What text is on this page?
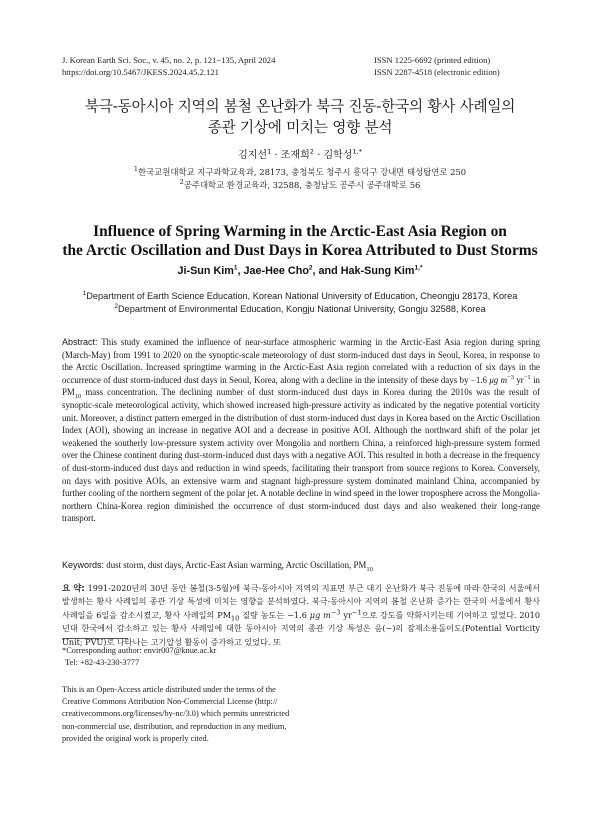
J. Korean Earth Sci. Soc., v. 45, no. 2, p. 121−135, April 2024
https://doi.org/10.5467/JKESS.2024.45.2.121
ISSN 1225-6692 (printed edition)
ISSN 2287-4518 (electronic edition)
북극-동아시아 지역의 봄철 온난화가 북극 진동-한국의 황사 사례일의
종관 기상에 미치는 영향 분석
김지선$^1$ · 조재희$^2$ · 김학성$^{1,*}$
$^1$한국교원대학교 지구과학교육과, 28173, 충청북도 청주시 흥덕구 강내면 태성탑연로 250
$^2$공주대학교 환경교육과, 32588, 충청남도 공주시 공주대학로 56
Influence of Spring Warming in the Arctic-East Asia Region on
the Arctic Oscillation and Dust Days in Korea Attributed to Dust Storms
Ji-Sun Kim$^1$, Jae-Hee Cho$^2$, and Hak-Sung Kim$^{1,*}$
$^1$Department of Earth Science Education, Korean National University of Education, Cheongju 28173, Korea
$^2$Department of Environmental Education, Kongju National University, Gongju 32588, Korea
Abstract: This study examined the influence of near-surface atmospheric warming in the Arctic-East Asia region during spring (March-May) from 1991 to 2020 on the synoptic-scale meteorology of dust storm-induced dust days in Seoul, Korea, in response to the Arctic Oscillation. Increased springtime warming in the Arctic-East Asia region correlated with a reduction of six days in the occurrence of dust storm-induced dust days in Seoul, Korea, along with a decline in the intensity of these days by −1.6 μg $m^{-3}$ $yr^{-1}$ in $PM_{10}$ mass concentration. The declining number of dust storm-induced dust days in Korea during the 2010s was the result of synoptic-scale meteorological activity, which showed increased high-pressure activity as indicated by the negative potential vorticity unit. Moreover, a distinct pattern emerged in the distribution of dust storm-induced dust days in Korea based on the Arctic Oscillation Index (AOI), showing an increase in negative AOI and a decrease in positive AOI. Although the northward shift of the polar jet weakened the southerly low-pressure system activity over Mongolia and northern China, a reinforced high-pressure system formed over the Chinese continent during dust-storm-induced dust days with a negative AOI. This resulted in both a decrease in the frequency of dust-storm-induced dust days and reduction in wind speeds, facilitating their transport from source regions to Korea. Conversely, on days with positive AOIs, an extensive warm and stagnant high-pressure system dominated mainland China, accompanied by further cooling of the northern segment of the polar jet. A notable decline in wind speed in the lower troposphere across the Mongolia-northern China-Korea region diminished the occurrence of dust storm-induced dust days and also weakened their long-range transport.
Keywords: dust storm, dust days, Arctic-East Asian warming, Arctic Oscillation, $PM_{10}$
요 약: 1991-2020년의 30년 동안 봄철(3-5월)에 북극-동아시아 지역의 지표면 부근 대기 온난화가 북극 진동에 따라 한국의 서울에서 발생하는 황사 사례일의 종관 기상 특성에 미치는 영향을 분석하였다. 북극-동아시아 지역의 봄철 온난화 증가는 한국의 서울에서 황사 사례일을 6일을 감소시켰고, 황사 사례일의 $PM_{10}$ 질량 농도는 −1.6 μg $m^{-3}$ $yr^{-1}$으로 강도를 약화시키는데 기여하고 있었다. 2010년대 한국에서 감소하고 있는 황사 사례일에 대한 동아시아 지역의 종관 기상 특성은 음(−)의 잠재소용돌이도(Potential Vorticity Unit; PVU)로 나타나는 고기압성 활동이 증가하고 있었다. 또
*Corresponding author: envir007@knue.ac.kr
Tel: +82-43-230-3777
This is an Open-Access article distributed under the terms of the
Creative Commons Attribution Non-Commercial License (http://
creativecommons.org/licenses/by-nc/3.0) which permits unrestricted
non-commercial use, distribution, and reproduction in any medium,
provided the original work is properly cited.
